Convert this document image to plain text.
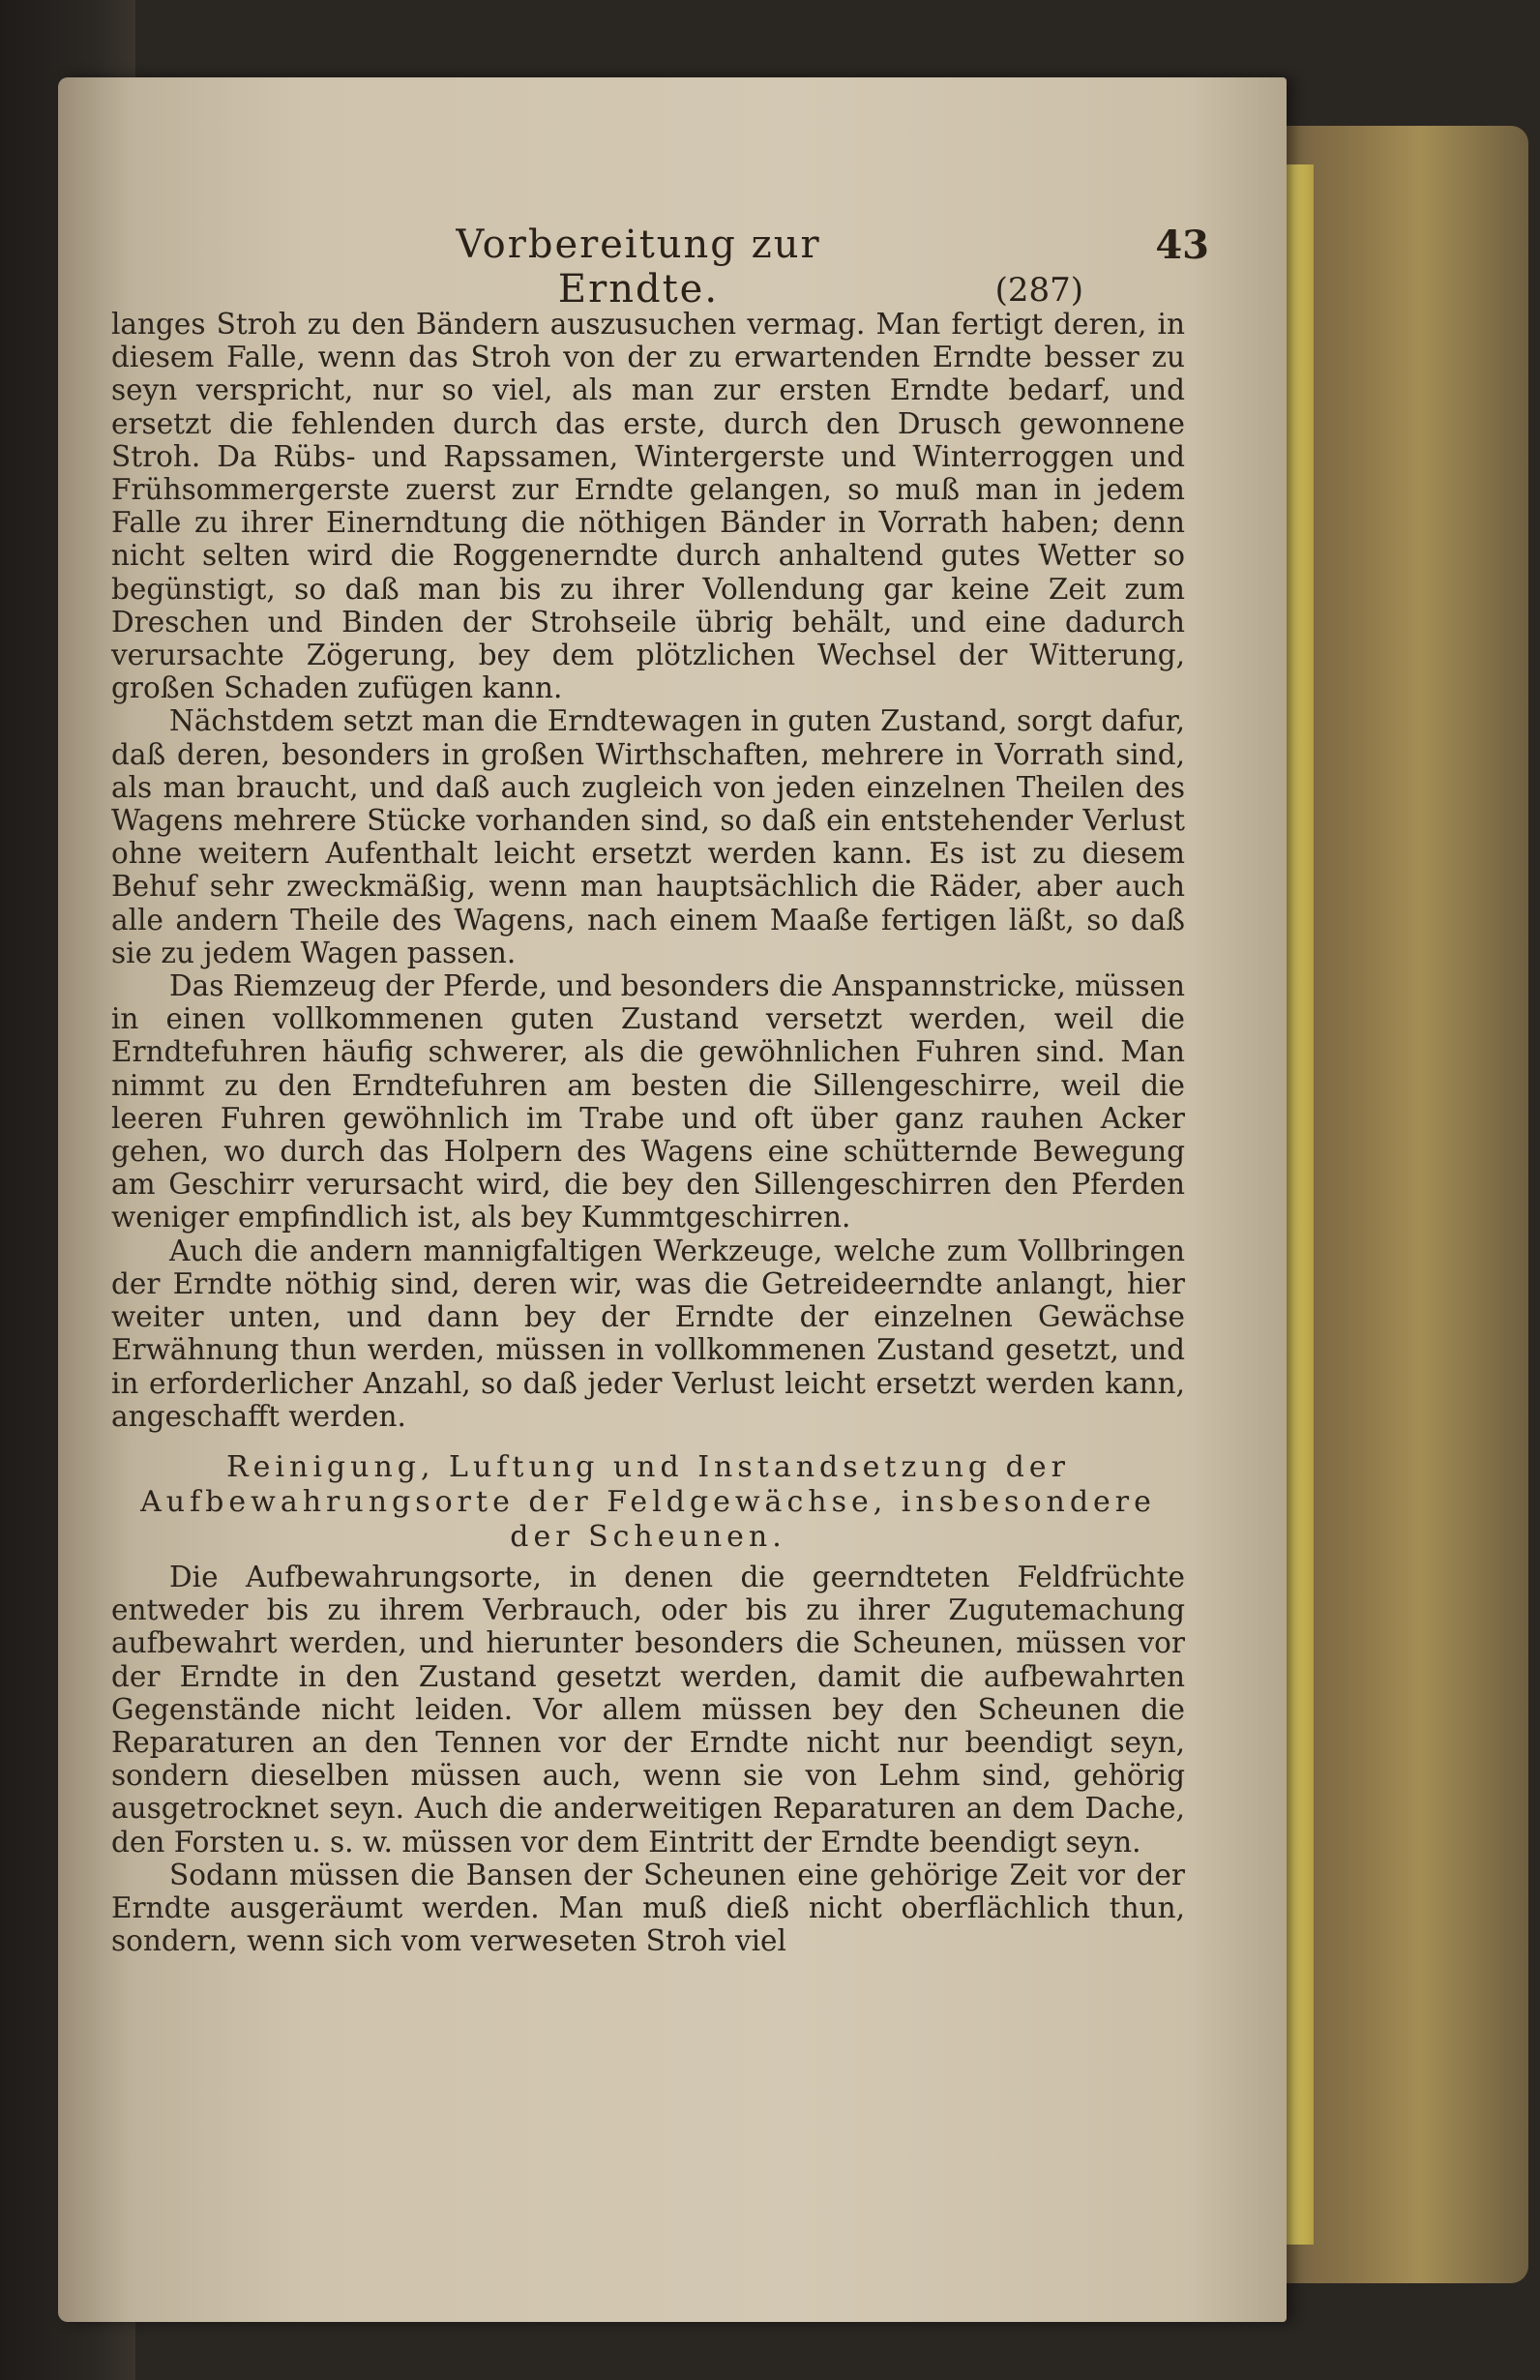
Vorbereitung zur Erndte.
43
(287)

langes Stroh zu den Bändern auszusuchen vermag. Man fertigt deren, in diesem Falle, wenn das Stroh von der zu erwartenden Erndte besser zu seyn verspricht, nur so viel, als man zur ersten Erndte bedarf, und ersetzt die fehlenden durch das erste, durch den Drusch gewonnene Stroh. Da Rübs- und Rapssamen, Wintergerste und Winterroggen und Frühsommergerste zuerst zur Erndte gelangen, so muß man in jedem Falle zu ihrer Einerndtung die nöthigen Bänder in Vorrath haben; denn nicht selten wird die Roggenerndte durch anhaltend gutes Wetter so begünstigt, so daß man bis zu ihrer Vollendung gar keine Zeit zum Dreschen und Binden der Strohseile übrig behält, und eine dadurch verursachte Zögerung, bey dem plötzlichen Wechsel der Witterung, großen Schaden zufügen kann.

Nächstdem setzt man die Erndtewagen in guten Zustand, sorgt dafur, daß deren, besonders in großen Wirthschaften, mehrere in Vorrath sind, als man braucht, und daß auch zugleich von jeden einzelnen Theilen des Wagens mehrere Stücke vorhanden sind, so daß ein entstehender Verlust ohne weitern Aufenthalt leicht ersetzt werden kann. Es ist zu diesem Behuf sehr zweckmäßig, wenn man hauptsächlich die Räder, aber auch alle andern Theile des Wagens, nach einem Maaße fertigen läßt, so daß sie zu jedem Wagen passen.

Das Riemzeug der Pferde, und besonders die Anspannstricke, müssen in einen vollkommenen guten Zustand versetzt werden, weil die Erndtefuhren häufig schwerer, als die gewöhnlichen Fuhren sind. Man nimmt zu den Erndtefuhren am besten die Sillengeschirre, weil die leeren Fuhren gewöhnlich im Trabe und oft über ganz rauhen Acker gehen, wo durch das Holpern des Wagens eine schütternde Bewegung am Geschirr verursacht wird, die bey den Sillengeschirren den Pferden weniger empfindlich ist, als bey Kummtgeschirren.

Auch die andern mannigfaltigen Werkzeuge, welche zum Vollbringen der Erndte nöthig sind, deren wir, was die Getreideerndte anlangt, hier weiter unten, und dann bey der Erndte der einzelnen Gewächse Erwähnung thun werden, müssen in vollkommenen Zustand gesetzt, und in erforderlicher Anzahl, so daß jeder Verlust leicht ersetzt werden kann, angeschafft werden.

Reinigung, Luftung und Instandsetzung der Aufbewahrungsorte der Feldgewächse, insbesondere der Scheunen.

Die Aufbewahrungsorte, in denen die geerndteten Feldfrüchte entweder bis zu ihrem Verbrauch, oder bis zu ihrer Zugutemachung aufbewahrt werden, und hierunter besonders die Scheunen, müssen vor der Erndte in den Zustand gesetzt werden, damit die aufbewahrten Gegenstände nicht leiden. Vor allem müssen bey den Scheunen die Reparaturen an den Tennen vor der Erndte nicht nur beendigt seyn, sondern dieselben müssen auch, wenn sie von Lehm sind, gehörig ausgetrocknet seyn. Auch die anderweitigen Reparaturen an dem Dache, den Forsten u. s. w. müssen vor dem Eintritt der Erndte beendigt seyn.

Sodann müssen die Bansen der Scheunen eine gehörige Zeit vor der Erndte ausgeräumt werden. Man muß dieß nicht oberflächlich thun, sondern, wenn sich vom verweseten Stroh viel
